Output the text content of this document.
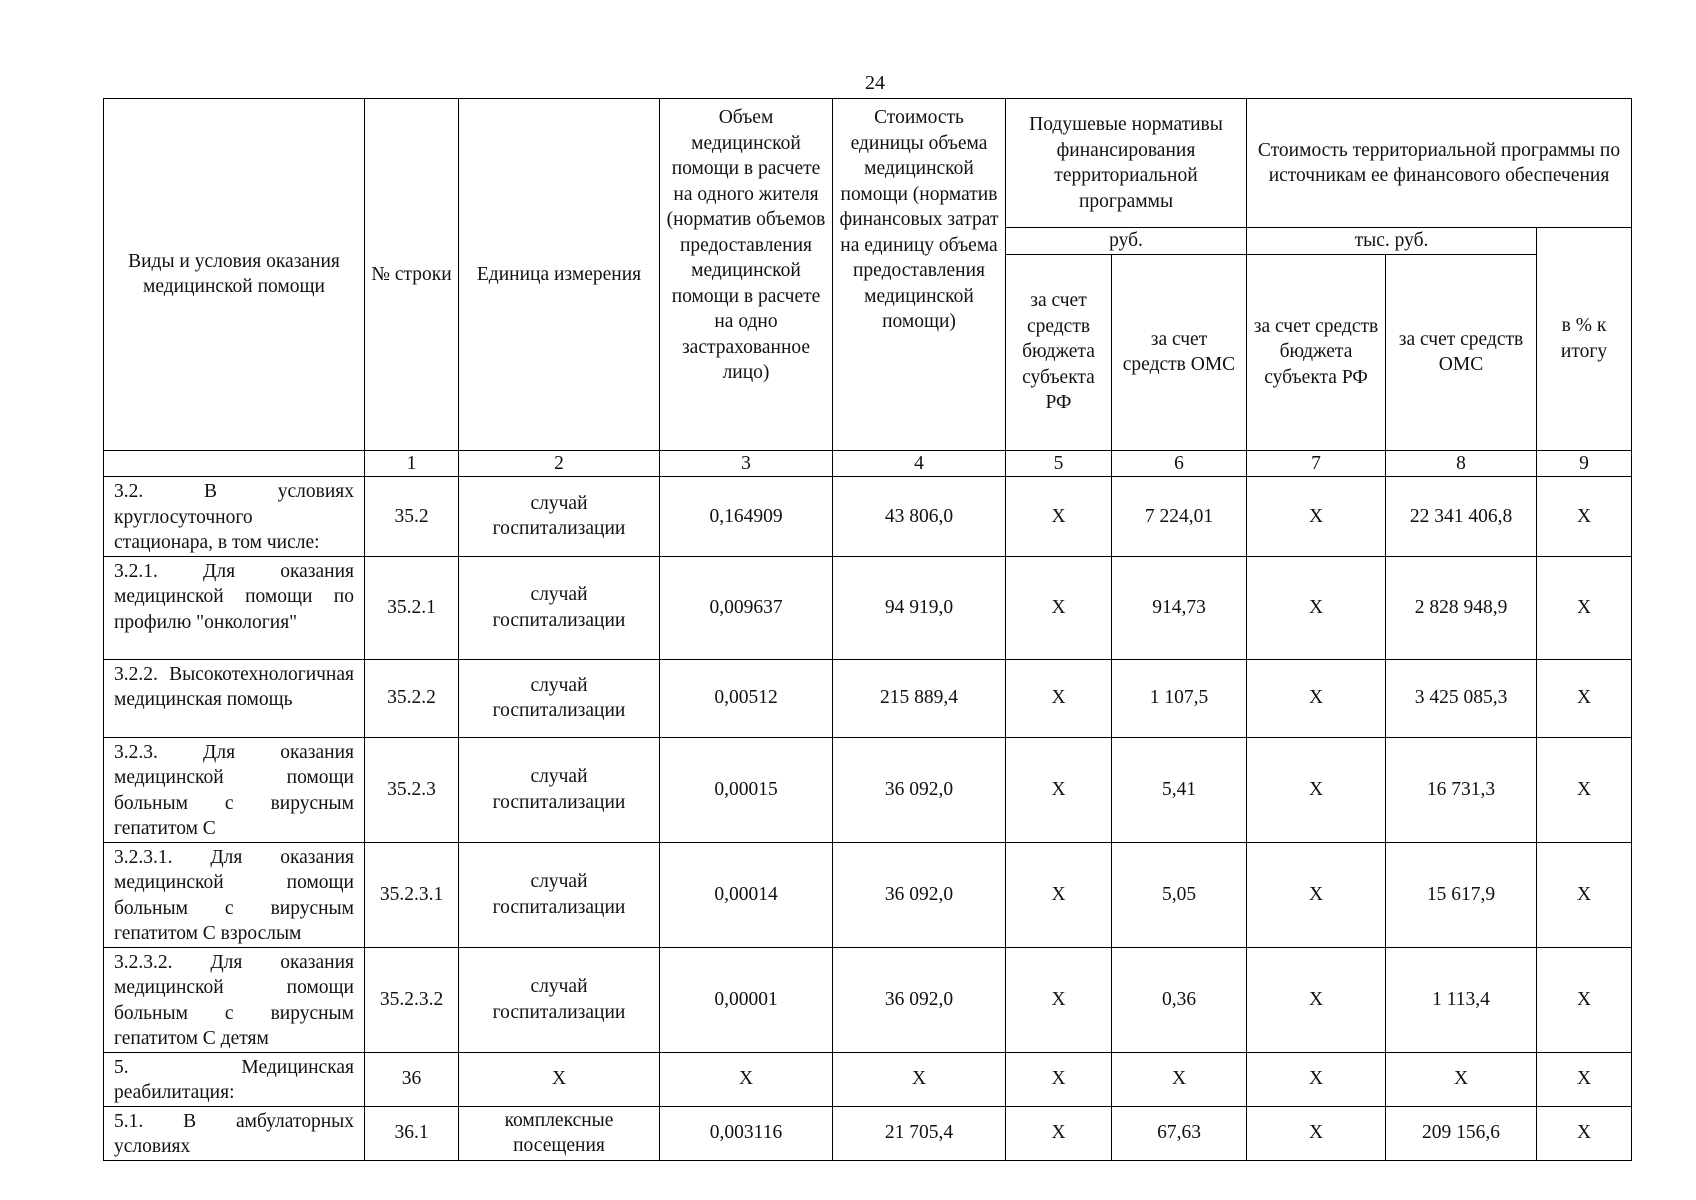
24
Виды и условия оказания медицинской помощи	№ строки	Единица измерения	Объем медицинской помощи в расчете на одного жителя (норматив объемов предоставления медицинской помощи в расчете на одно застрахованное лицо)	Стоимость единицы объема медицинской помощи (норматив финансовых затрат на единицу объема предоставления медицинской помощи)	Подушевые нормативы финансирования территориальной программы		Стоимость территориальной программы по источникам ее финансового обеспечения		
					руб.		тыс. руб.		в % к итогу
					за счет средств бюджета субъекта РФ	за счет средств ОМС	за счет средств бюджета субъекта РФ	за счет средств ОМС	
	1	2	3	4	5	6	7	8	9
3.2. В условиях круглосуточного стационара, в том числе:	35.2	случай госпитализации	0,164909	43 806,0	Х	7 224,01	Х	22 341 406,8	Х
3.2.1. Для оказания медицинской помощи по профилю "онкология"	35.2.1	случай госпитализации	0,009637	94 919,0	Х	914,73	Х	2 828 948,9	Х
3.2.2. Высокотехнологичная медицинская помощь	35.2.2	случай госпитализации	0,00512	215 889,4	Х	1 107,5	Х	3 425 085,3	Х
3.2.3. Для оказания медицинской помощи больным с вирусным гепатитом С	35.2.3	случай госпитализации	0,00015	36 092,0	Х	5,41	Х	16 731,3	Х
3.2.3.1. Для оказания медицинской помощи больным с вирусным гепатитом С взрослым	35.2.3.1	случай госпитализации	0,00014	36 092,0	Х	5,05	Х	15 617,9	Х
3.2.3.2. Для оказания медицинской помощи больным с вирусным гепатитом С детям	35.2.3.2	случай госпитализации	0,00001	36 092,0	Х	0,36	Х	1 113,4	Х
5. Медицинская реабилитация:	36	Х	Х	Х	Х	Х	Х	Х	Х
5.1. В амбулаторных условиях	36.1	комплексные посещения	0,003116	21 705,4	Х	67,63	Х	209 156,6	Х
